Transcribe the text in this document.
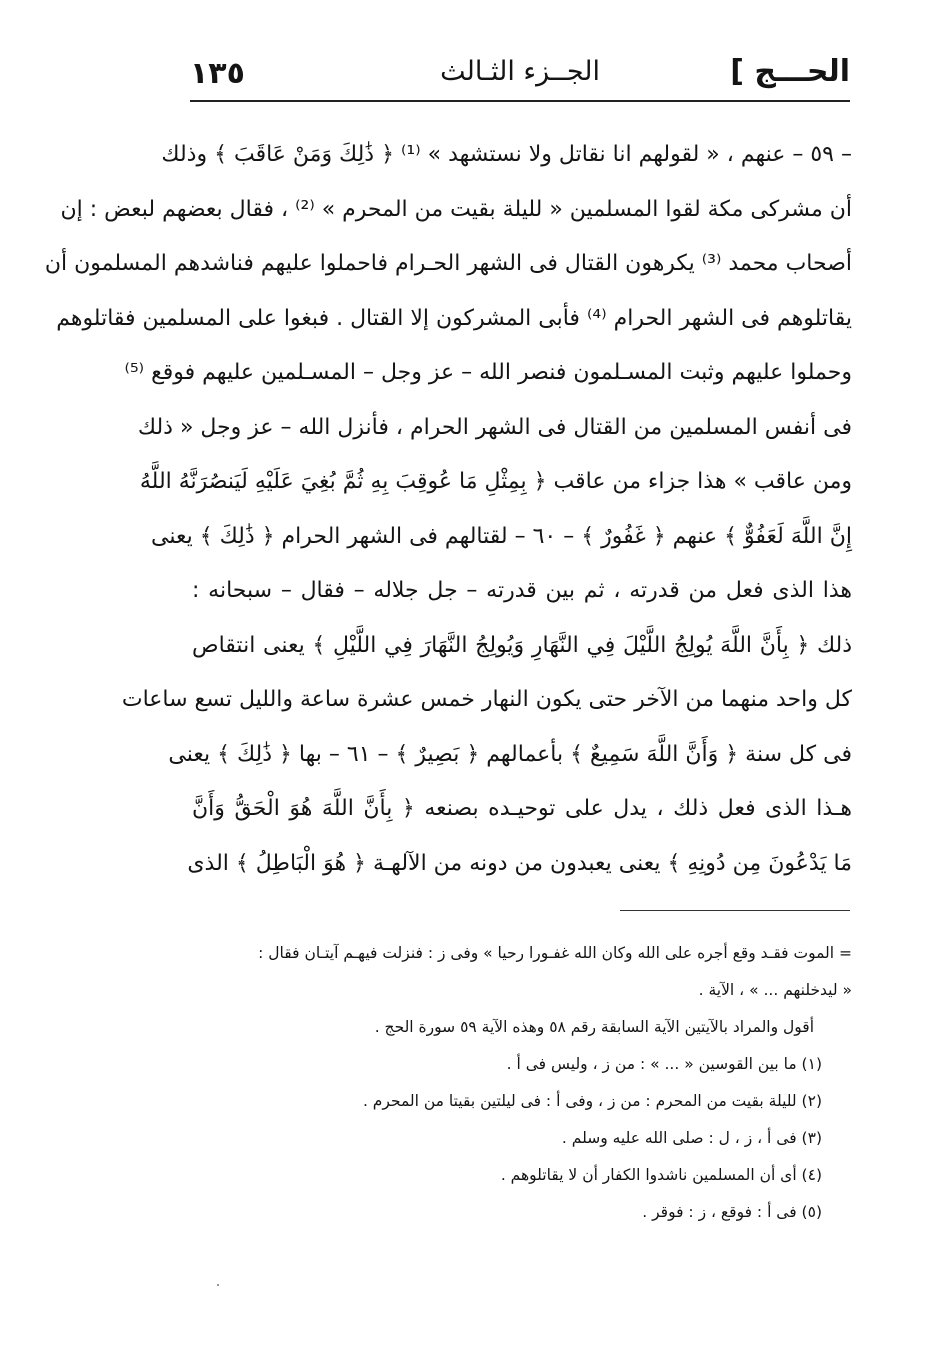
الحـــج ]
الجــزء الثـالث
١٣٥
– ٥٩ – عنهم ، « لقولهم انا نقاتل ولا نستشهد » ⁽¹⁾ ﴿ ذَٰلِكَ وَمَنْ عَاقَبَ ﴾ وذلك
أن مشركى مكة لقوا المسلمين « لليلة بقيت من المحرم » ⁽²⁾ ، فقال بعضهم لبعض : إن
أصحاب محمد ⁽³⁾ يكرهون القتال فى الشهر الحـرام فاحملوا عليهم فناشدهم المسلمون أن
يقاتلوهم فى الشهر الحرام ⁽⁴⁾ فأبى المشركون إلا القتال . فبغوا على المسلمين فقاتلوهم
وحملوا عليهم وثبت المسـلمون فنصر الله – عز وجل – المسـلمين عليهم فوقع ⁽⁵⁾
فى أنفس المسلمين من القتال فى الشهر الحرام ، فأنزل الله – عز وجل « ذلك
ومن عاقب » هذا جزاء من عاقب ﴿ بِمِثْلِ مَا عُوقِبَ بِهِ ثُمَّ بُغِيَ عَلَيْهِ لَيَنصُرَنَّهُ اللَّهُ
إِنَّ اللَّهَ لَعَفُوٌّ ﴾ عنهم ﴿ غَفُورٌ ﴾ – ٦٠ – لقتالهم فى الشهر الحرام ﴿ ذَٰلِكَ ﴾ يعنى
هذا الذى فعل من قدرته ، ثم بين قدرته – جل جلاله – فقال – سبحانه :
ذلك ﴿ بِأَنَّ اللَّهَ يُولِجُ اللَّيْلَ فِي النَّهَارِ وَيُولِجُ النَّهَارَ فِي اللَّيْلِ ﴾ يعنى انتقاص
كل واحد منهما من الآخر حتى يكون النهار خمس عشرة ساعة والليل تسع ساعات
فى كل سنة ﴿ وَأَنَّ اللَّهَ سَمِيعٌ ﴾ بأعمالهم ﴿ بَصِيرٌ ﴾ – ٦١ – بها ﴿ ذَٰلِكَ ﴾ يعنى
هـذا الذى فعل ذلك ، يدل على توحيـده بصنعه ﴿ بِأَنَّ اللَّهَ هُوَ الْحَقُّ وَأَنَّ
مَا يَدْعُونَ مِن دُونِهِ ﴾ يعنى يعبدون من دونه من الآلهـة ﴿ هُوَ الْبَاطِلُ ﴾ الذى
= الموت فقـد وقع أجره على الله وكان الله غفـورا رحيا » وفى ز : فنزلت فيهـم آيتـان فقال :
« ليدخلنهم ... » ، الآية .
أقول والمراد بالآيتين الآية السابقة رقم ٥٨ وهذه الآية ٥٩ سورة الحج .
(١) ما بين القوسين « ... » : من ز ، وليس فى أ .
(٢) لليلة بقيت من المحرم : من ز ، وفى أ : فى ليلتين بقيتا من المحرم .
(٣) فى أ ، ز ، ل : صلى الله عليه وسلم .
(٤) أى أن المسلمين ناشدوا الكفار أن لا يقاتلوهم .
(٥) فى أ : فوقع ، ز : فوقر .
